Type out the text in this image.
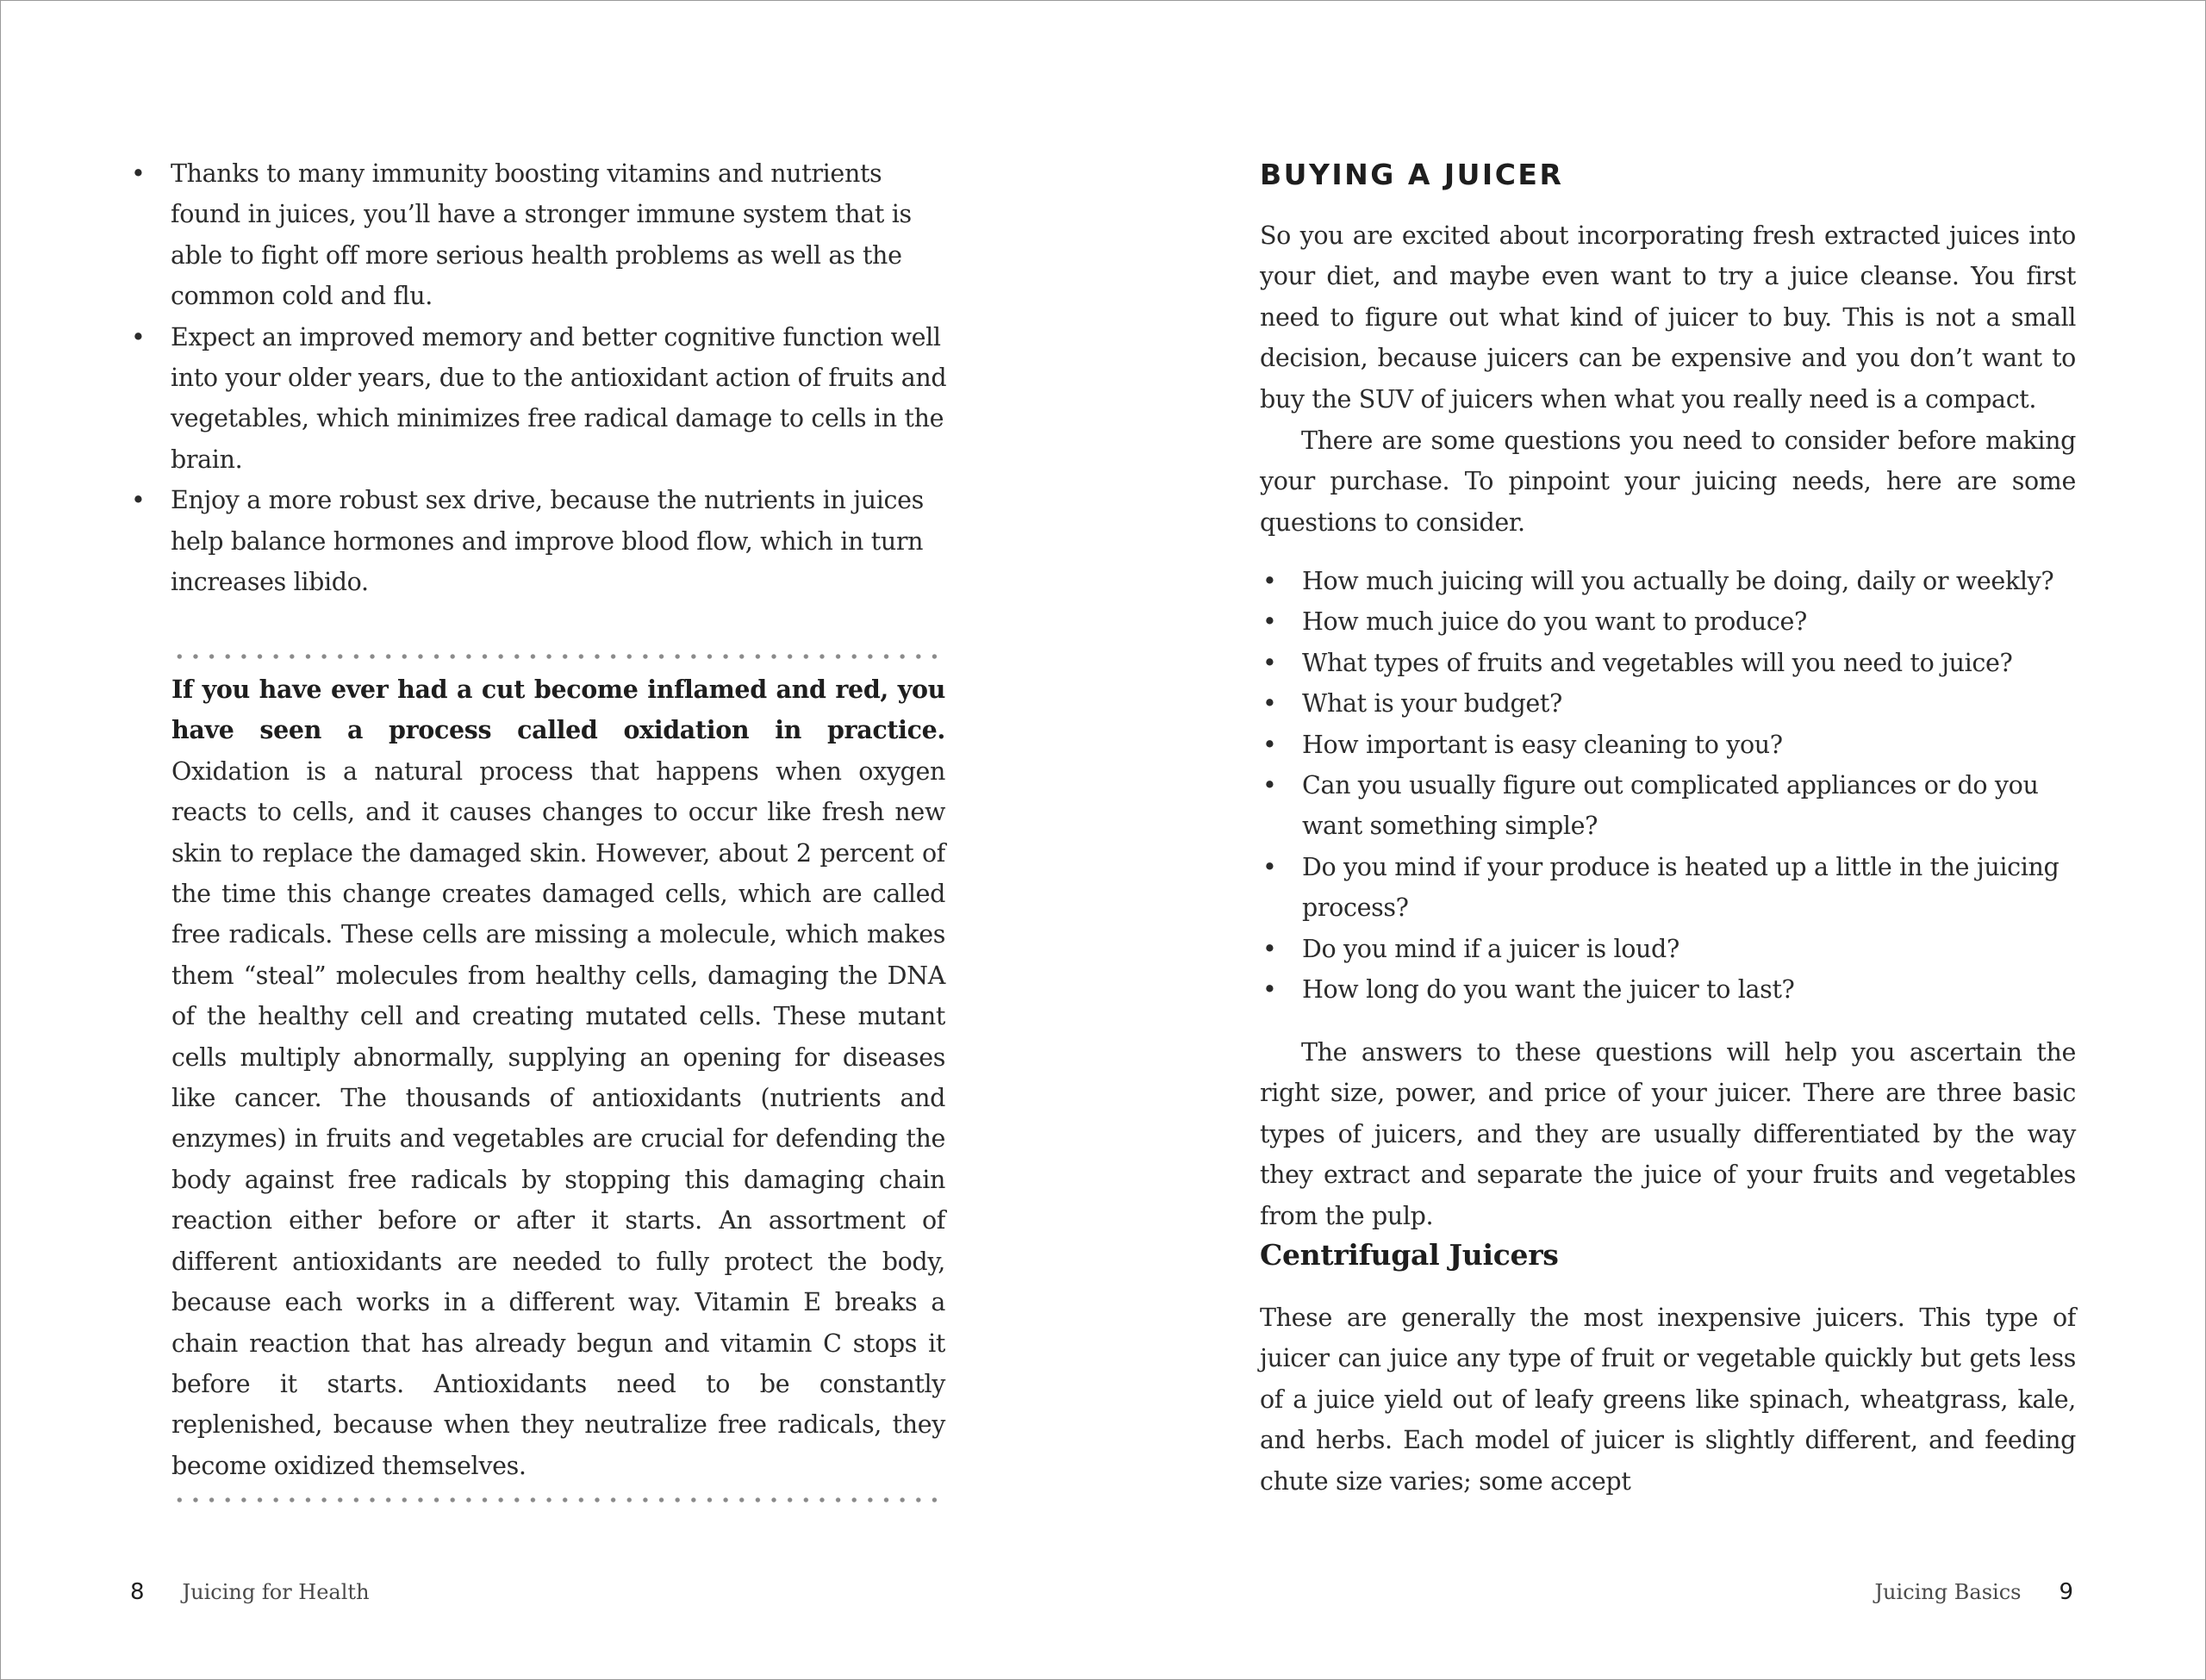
• Thanks to many immunity boosting vitamins and nutrients found in juices, you’ll have a stronger immune system that is able to fight off more serious health problems as well as the common cold and flu.
• Expect an improved memory and better cognitive function well into your older years, due to the antioxidant action of fruits and vegetables, which minimizes free radical damage to cells in the brain.
• Enjoy a more robust sex drive, because the nutrients in juices help balance hormones and improve blood flow, which in turn increases libido.

If you have ever had a cut become inflamed and red, you have seen a process called oxidation in practice. Oxidation is a natural process that happens when oxygen reacts to cells, and it causes changes to occur like fresh new skin to replace the damaged skin. However, about 2 percent of the time this change creates damaged cells, which are called free radicals. These cells are missing a molecule, which makes them “steal” molecules from healthy cells, damaging the DNA of the healthy cell and creating mutated cells. These mutant cells multiply abnormally, supplying an opening for diseases like cancer. The thousands of antioxidants (nutrients and enzymes) in fruits and vegetables are crucial for defending the body against free radicals by stopping this damaging chain reaction either before or after it starts. An assortment of different antioxidants are needed to fully protect the body, because each works in a different way. Vitamin E breaks a chain reaction that has already begun and vitamin C stops it before it starts. Antioxidants need to be constantly replenished, because when they neutralize free radicals, they become oxidized themselves.

BUYING A JUICER

So you are excited about incorporating fresh extracted juices into your diet, and maybe even want to try a juice cleanse. You first need to figure out what kind of juicer to buy. This is not a small decision, because juicers can be expensive and you don’t want to buy the SUV of juicers when what you really need is a compact.

There are some questions you need to consider before making your purchase. To pinpoint your juicing needs, here are some questions to consider.

• How much juicing will you actually be doing, daily or weekly?
• How much juice do you want to produce?
• What types of fruits and vegetables will you need to juice?
• What is your budget?
• How important is easy cleaning to you?
• Can you usually figure out complicated appliances or do you want something simple?
• Do you mind if your produce is heated up a little in the juicing process?
• Do you mind if a juicer is loud?
• How long do you want the juicer to last?

The answers to these questions will help you ascertain the right size, power, and price of your juicer. There are three basic types of juicers, and they are usually differentiated by the way they extract and separate the juice of your fruits and vegetables from the pulp.

Centrifugal Juicers

These are generally the most inexpensive juicers. This type of juicer can juice any type of fruit or vegetable quickly but gets less of a juice yield out of leafy greens like spinach, wheatgrass, kale, and herbs. Each model of juicer is slightly different, and feeding chute size varies; some accept

8 Juicing for Health	Juicing Basics 9
